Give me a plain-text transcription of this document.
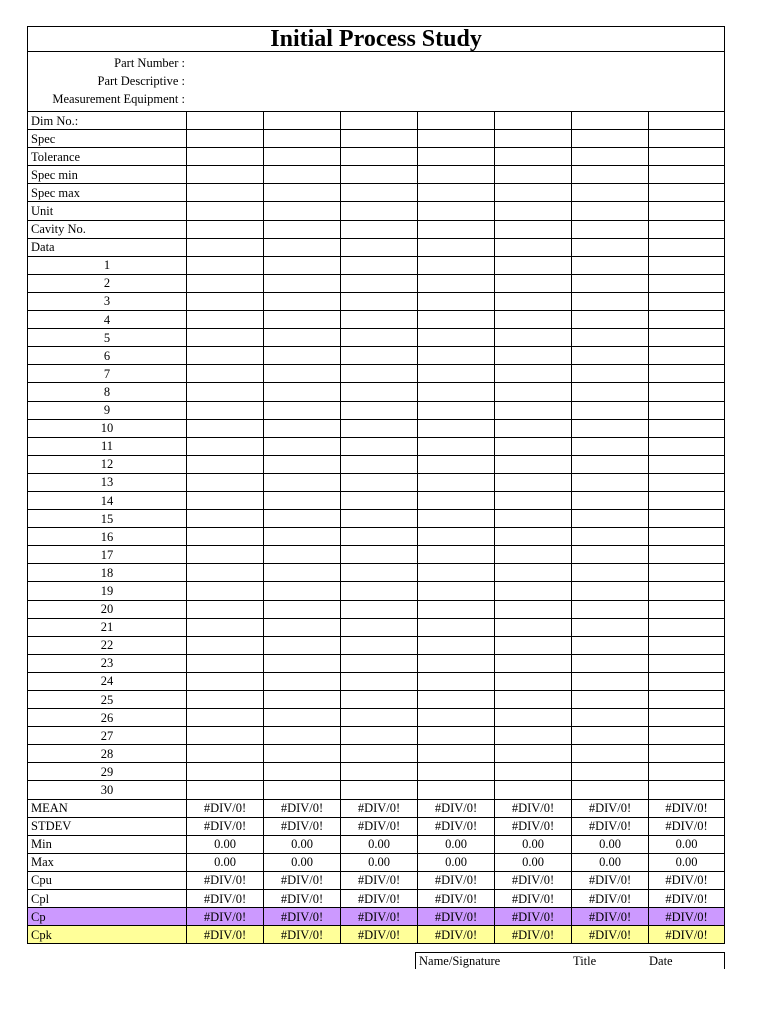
Initial Process Study							

Part Number :
Part Descriptive :
Measurement Equipment :							

Dim No.:							
Spec							
Tolerance							
Spec min							
Spec max							
Unit							
Cavity No.							
Data							
1							
2							
3							
4							
5							
6							
7							
8							
9							
10							
11							
12							
13							
14							
15							
16							
17							
18							
19							
20							
21							
22							
23							
24							
25							
26							
27							
28							
29							
30							
MEAN	#DIV/0!	#DIV/0!	#DIV/0!	#DIV/0!	#DIV/0!	#DIV/0!	#DIV/0!
STDEV	#DIV/0!	#DIV/0!	#DIV/0!	#DIV/0!	#DIV/0!	#DIV/0!	#DIV/0!
Min	0.00	0.00	0.00	0.00	0.00	0.00	0.00
Max	0.00	0.00	0.00	0.00	0.00	0.00	0.00
Cpu	#DIV/0!	#DIV/0!	#DIV/0!	#DIV/0!	#DIV/0!	#DIV/0!	#DIV/0!
Cpl	#DIV/0!	#DIV/0!	#DIV/0!	#DIV/0!	#DIV/0!	#DIV/0!	#DIV/0!
Cp	#DIV/0!	#DIV/0!	#DIV/0!	#DIV/0!	#DIV/0!	#DIV/0!	#DIV/0!
Cpk	#DIV/0!	#DIV/0!	#DIV/0!	#DIV/0!	#DIV/0!	#DIV/0!	#DIV/0!
Name/Signature	Title	Date
